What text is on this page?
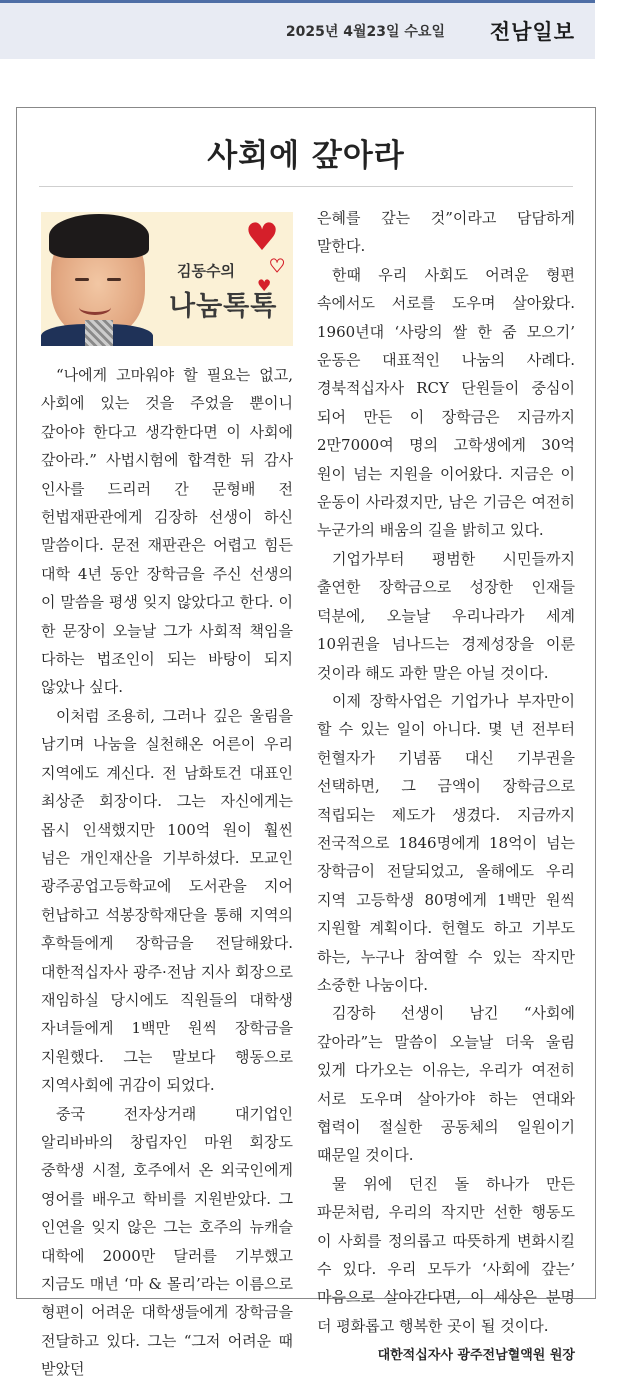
2025년 4월23일 수요일 전남일보
사회에 갚아라
♥
♥
♥
김동수의
나눔톡톡

“나에게 고마워야 할 필요는 없고, 사회에 있는 것을 주었을 뿐이니 갚아야 한다고 생각한다면 이 사회에 갚아라.” 사법시험에 합격한 뒤 감사 인사를 드리러 간 문형배 전 헌법재판관에게 김장하 선생이 하신 말씀이다. 문전 재판관은 어렵고 힘든 대학 4년 동안 장학금을 주신 선생의 이 말씀을 평생 잊지 않았다고 한다. 이 한 문장이 오늘날 그가 사회적 책임을 다하는 법조인이 되는 바탕이 되지 않았나 싶다.

이처럼 조용히, 그러나 깊은 울림을 남기며 나눔을 실천해온 어른이 우리 지역에도 계신다. 전 남화토건 대표인 최상준 회장이다. 그는 자신에게는 몹시 인색했지만 100억 원이 훨씬 넘은 개인재산을 기부하셨다. 모교인 광주공업고등학교에 도서관을 지어 헌납하고 석봉장학재단을 통해 지역의 후학들에게 장학금을 전달해왔다. 대한적십자사 광주·전남 지사 회장으로 재임하실 당시에도 직원들의 대학생 자녀들에게 1백만 원씩 장학금을 지원했다. 그는 말보다 행동으로 지역사회에 귀감이 되었다.

중국 전자상거래 대기업인 알리바바의 창립자인 마윈 회장도 중학생 시절, 호주에서 온 외국인에게 영어를 배우고 학비를 지원받았다. 그 인연을 잊지 않은 그는 호주의 뉴캐슬 대학에 2000만 달러를 기부했고 지금도 매년 ‘마 & 몰리’라는 이름으로 형편이 어려운 대학생들에게 장학금을 전달하고 있다. 그는 “그저 어려운 때 받았던

은혜를 갚는 것”이라고 담담하게 말한다.

한때 우리 사회도 어려운 형편 속에서도 서로를 도우며 살아왔다. 1960년대 ‘사랑의 쌀 한 줌 모으기’ 운동은 대표적인 나눔의 사례다. 경북적십자사 RCY 단원들이 중심이 되어 만든 이 장학금은 지금까지 2만7000여 명의 고학생에게 30억 원이 넘는 지원을 이어왔다. 지금은 이 운동이 사라졌지만, 남은 기금은 여전히 누군가의 배움의 길을 밝히고 있다.

기업가부터 평범한 시민들까지 출연한 장학금으로 성장한 인재들 덕분에, 오늘날 우리나라가 세계 10위권을 넘나드는 경제성장을 이룬 것이라 해도 과한 말은 아닐 것이다.

이제 장학사업은 기업가나 부자만이 할 수 있는 일이 아니다. 몇 년 전부터 헌혈자가 기념품 대신 기부권을 선택하면, 그 금액이 장학금으로 적립되는 제도가 생겼다. 지금까지 전국적으로 1846명에게 18억이 넘는 장학금이 전달되었고, 올해에도 우리 지역 고등학생 80명에게 1백만 원씩 지원할 계획이다. 헌혈도 하고 기부도 하는, 누구나 참여할 수 있는 작지만 소중한 나눔이다.

김장하 선생이 남긴 “사회에 갚아라”는 말씀이 오늘날 더욱 울림 있게 다가오는 이유는, 우리가 여전히 서로 도우며 살아가야 하는 연대와 협력이 절실한 공동체의 일원이기 때문일 것이다.

물 위에 던진 돌 하나가 만든 파문처럼, 우리의 작지만 선한 행동도 이 사회를 정의롭고 따뜻하게 변화시킬 수 있다. 우리 모두가 ‘사회에 갚는’ 마음으로 살아간다면, 이 세상은 분명 더 평화롭고 행복한 곳이 될 것이다.

대한적십자사 광주전남혈액원 원장
